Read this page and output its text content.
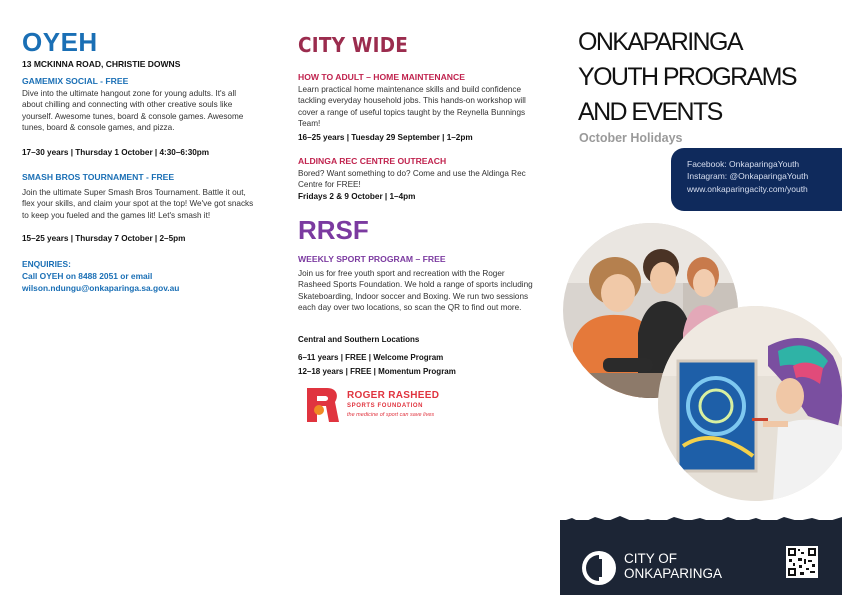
OYEH
13 MCKINNA ROAD, CHRISTIE DOWNS
GAMEMIX SOCIAL - FREE
Dive into the ultimate hangout zone for young adults. It's all about chilling and connecting with other creative souls like yourself. Awesome tunes, board & console games. Awesome tunes, board & console games, and pizza.
17–30 years | Thursday 1 October | 4:30–6:30pm
SMASH BROS TOURNAMENT - FREE
Join the ultimate Super Smash Bros Tournament. Battle it out, flex your skills, and claim your spot at the top! We've got snacks to keep you fueled and the games lit! Let's smash it!
15–25 years | Thursday 7 October | 2–5pm
ENQUIRIES:
Call OYEH on 8488 2051 or email
wilson.ndungu@onkaparinga.sa.gov.au
CITY WIDE
HOW TO ADULT – HOME MAINTENANCE
Learn practical home maintenance skills and build confidence tackling everyday household jobs. This hands-on workshop will cover a range of useful topics taught by the Reynella Bunnings Team!
16–25 years | Tuesday 29 September | 1–2pm
ALDINGA REC CENTRE OUTREACH
Bored? Want something to do? Come and use the Aldinga Rec Centre for FREE!
Fridays 2 & 9 October | 1–4pm
RRSF
WEEKLY SPORT PROGRAM – FREE
Join us for free youth sport and recreation with the Roger Rasheed Sports Foundation. We hold a range of sports including Skateboarding, Indoor soccer and Boxing. We run two sessions each day over two locations, so scan the QR to find out more.
Central and Southern Locations
6–11 years | FREE | Welcome Program
12–18 years | FREE | Momentum Program
ROGER RASHEED
SPORTS FOUNDATION
the medicine of sport can save lives
ONKAPARINGA
YOUTH PROGRAMS
AND EVENTS
October Holidays
Facebook: OnkaparingaYouth
Instagram: @OnkaparingaYouth
www.onkaparingacity.com/youth
CITY OF
ONKAPARINGA
